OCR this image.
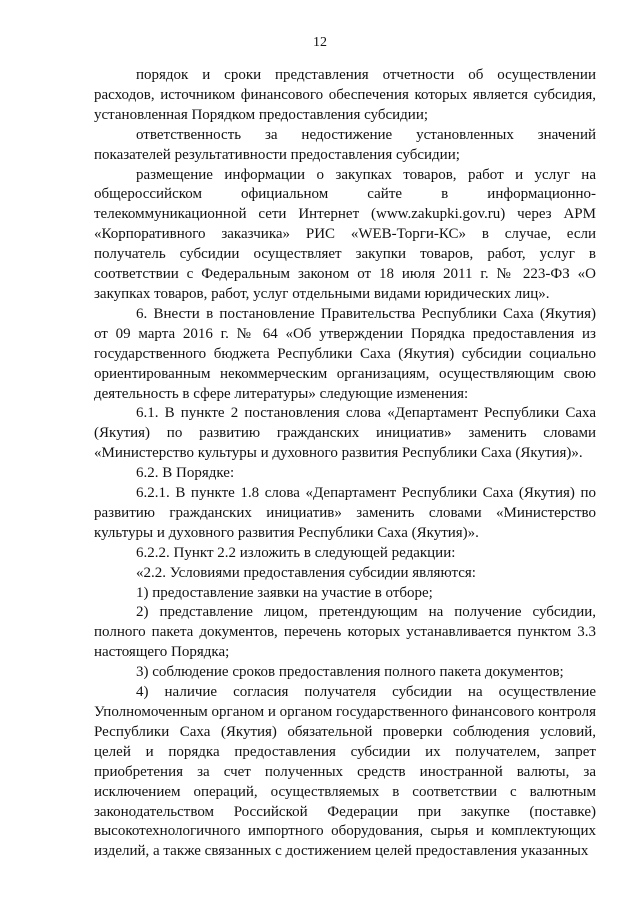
12

порядок и сроки представления отчетности об осуществлении расходов, источником финансового обеспечения которых является субсидия, установленная Порядком предоставления субсидии;

ответственность за недостижение установленных значений показателей результативности предоставления субсидии;

размещение информации о закупках товаров, работ и услуг на общероссийском официальном сайте в информационно-телекоммуникационной сети Интернет (www.zakupki.gov.ru) через АРМ «Корпоративного заказчика» РИС «WEB-Торги-КС» в случае, если получатель субсидии осуществляет закупки товаров, работ, услуг в соответствии с Федеральным законом от 18 июля 2011 г. № 223-ФЗ «О закупках товаров, работ, услуг отдельными видами юридических лиц».

6. Внести в постановление Правительства Республики Саха (Якутия) от 09 марта 2016 г. № 64 «Об утверждении Порядка предоставления из государственного бюджета Республики Саха (Якутия) субсидии социально ориентированным некоммерческим организациям, осуществляющим свою деятельность в сфере литературы» следующие изменения:

6.1. В пункте 2 постановления слова «Департамент Республики Саха (Якутия) по развитию гражданских инициатив» заменить словами «Министерство культуры и духовного развития Республики Саха (Якутия)».

6.2. В Порядке:

6.2.1. В пункте 1.8 слова «Департамент Республики Саха (Якутия) по развитию гражданских инициатив» заменить словами «Министерство культуры и духовного развития Республики Саха (Якутия)».

6.2.2. Пункт 2.2 изложить в следующей редакции:

«2.2. Условиями предоставления субсидии являются:

1) предоставление заявки на участие в отборе;

2) представление лицом, претендующим на получение субсидии, полного пакета документов, перечень которых устанавливается пунктом 3.3 настоящего Порядка;

3) соблюдение сроков предоставления полного пакета документов;

4) наличие согласия получателя субсидии на осуществление Уполномоченным органом и органом государственного финансового контроля Республики Саха (Якутия) обязательной проверки соблюдения условий, целей и порядка предоставления субсидии их получателем, запрет приобретения за счет полученных средств иностранной валюты, за исключением операций, осуществляемых в соответствии с валютным законодательством Российской Федерации при закупке (поставке) высокотехнологичного импортного оборудования, сырья и комплектующих изделий, а также связанных с достижением целей предоставления указанных
